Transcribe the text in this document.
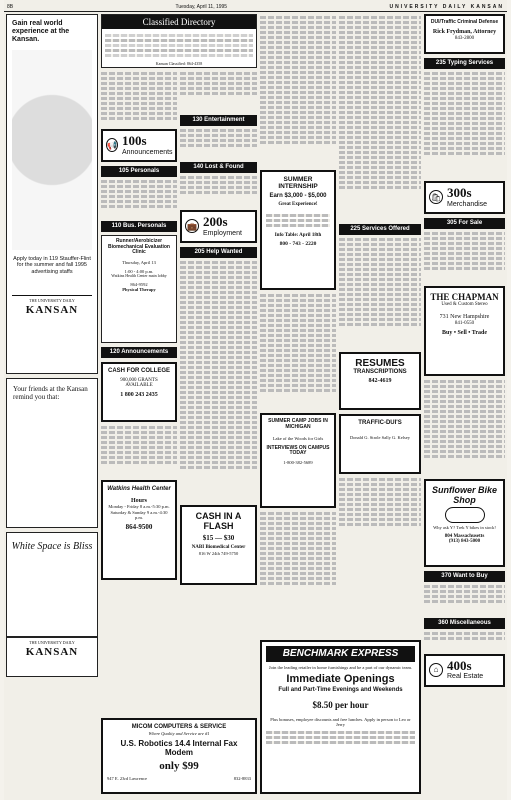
8B	Tuesday, April 11, 1995	UNIVERSITY DAILY KANSAN
Gain real world experience at the Kansan.
Apply today in 119 Stauffer-Flint for the summer and fall 1995 advertising staffs
THE UNIVERSITY DAILY
KANSAN
Your friends at the Kansan remind you that:
White Space is Bliss
THE UNIVERSITY DAILY
KANSAN
Classified Directory
Kansan Classified: 864-4358
📢 100s
Announcements
105 Personals
110 Bus. Personals
Runner/Aerobicizer Biomechanical Evaluation Clinic
Thursday, April 13
1:00 - 4:00 p.m.
Watkins Health Center main lobby
864-9592
Physical Therapy
120 Announcements
CASH FOR COLLEGE
900,000 GRANTS AVAILABLE
1 800 243 2435
Watkins Health Center
Hours
Monday - Friday 8 a.m.-5:30 p.m.
Saturday & Sunday 9 a.m.-4:30 p.m.
864-9500
130 Entertainment
140 Lost & Found
💼 200s
Employment
205 Help Wanted
CASH IN A FLASH
$15 — $30
NABI Biomedical Center
816 W 24th 749-5750
MICOM COMPUTERS & SERVICE
Where Quality and Service are #1
U.S. Robotics 14.4 Internal Fax Modem
only $99
947 E. 23rd Lawrence	832-8833
SUMMER INTERNSHIP
Earn $3,000 - $5,000
Great Experience!
Info Table: April 18th
800 - 743 - 2220
SUMMER CAMP JOBS IN MICHIGAN
Lake of the Woods for Girls
INTERVIEWS ON CAMPUS TODAY
1-800-382-5689
225 Services Offered
RESUMES
TRANSCRIPTIONS
842-4619
TRAFFIC-DUI'S
Donald G. Strole Sally G. Kelsey
BENCHMARK EXPRESS
Join the leading retailer in home furnishings and be a part of our dynamic team.
Immediate Openings
Full and Part-Time Evenings and Weekends
$8.50 per hour
Plus bonuses, employee discounts and free lunches. Apply in person to Leo or Jerry
DUI/Traffic Criminal Defense
Rick Frydman, Attorney
843-2800
235 Typing Services
🛍 300s
Merchandise
305 For Sale
THE CHAPMAN
Used & Custom Stereo
731 New Hampshire
841-0550
Buy • Sell • Trade
Sunflower Bike Shop
Why ask Y? Trek Y bikes in stock!
804 Massachusetts
(913) 843-5000
370 Want to Buy
360 Miscellaneous
⌂ 400s
Real Estate
